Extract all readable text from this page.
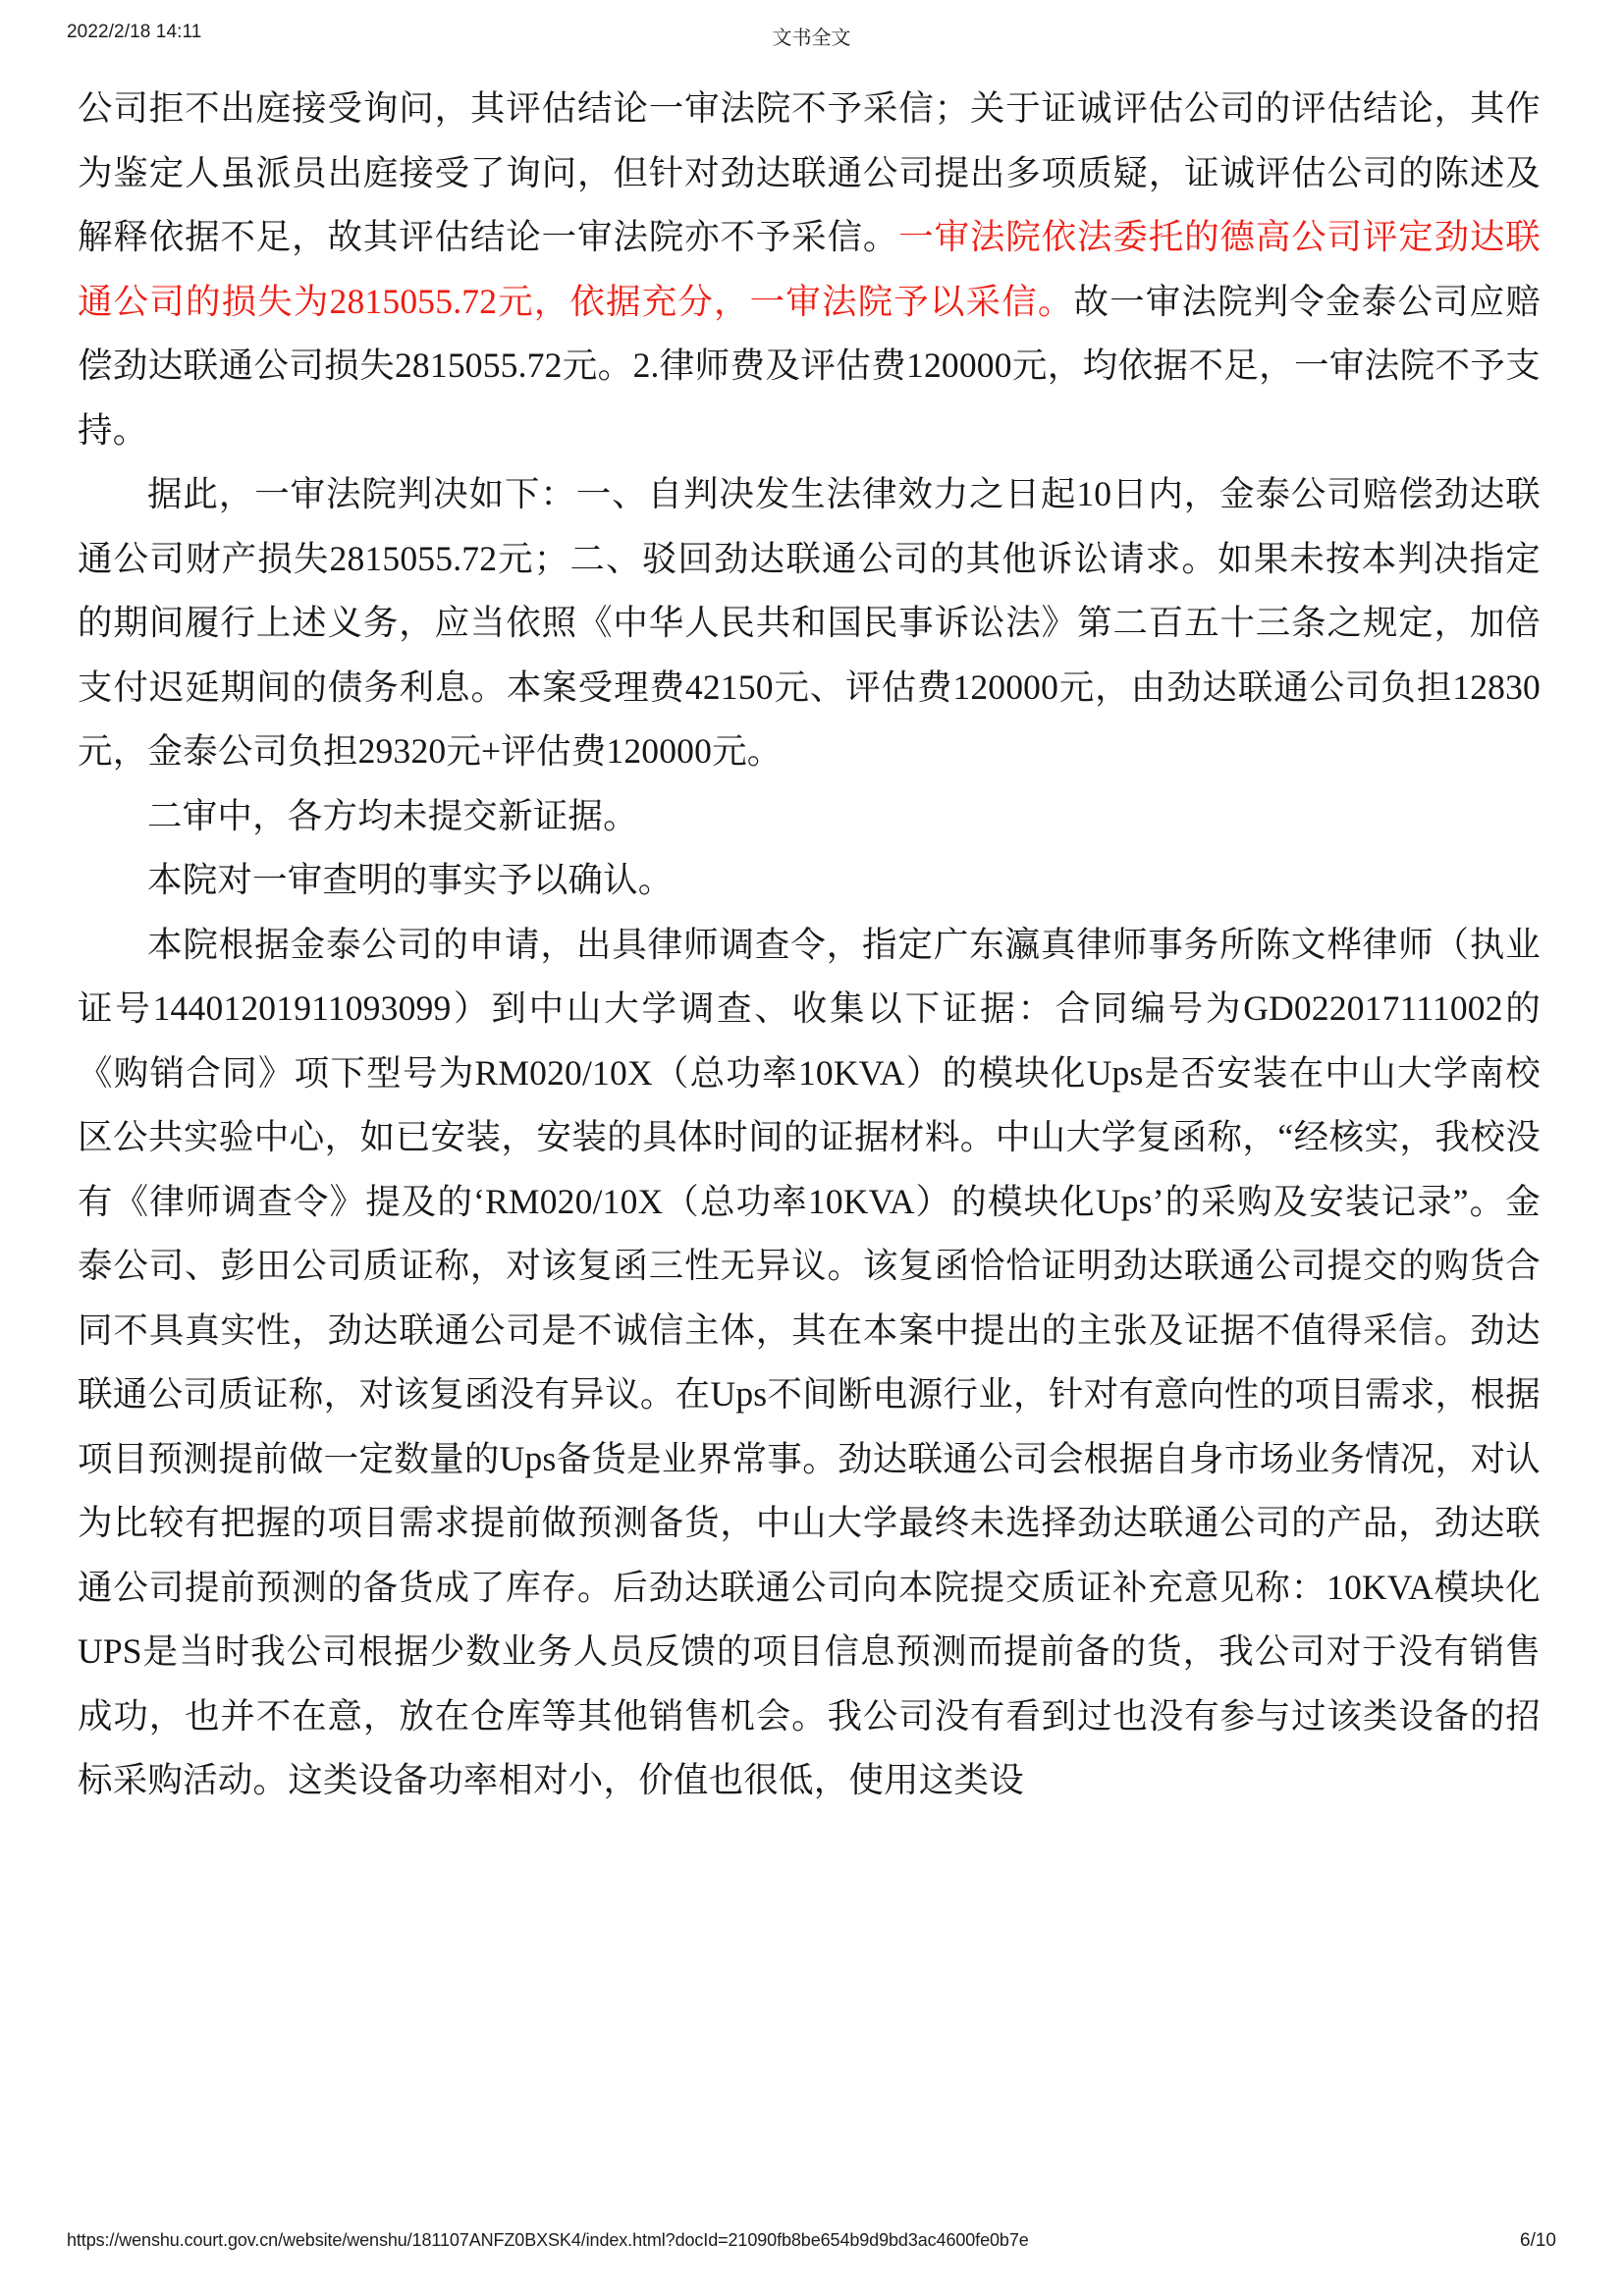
2022/2/18 14:11	文书全文

公司拒不出庭接受询问，其评估结论一审法院不予采信；关于证诚评估公司的评估结论，其作为鉴定人虽派员出庭接受了询问，但针对劲达联通公司提出多项质疑，证诚评估公司的陈述及解释依据不足，故其评估结论一审法院亦不予采信。一审法院依法委托的德高公司评定劲达联通公司的损失为2815055.72元，依据充分，一审法院予以采信。故一审法院判令金泰公司应赔偿劲达联通公司损失2815055.72元。2.律师费及评估费120000元，均依据不足，一审法院不予支持。

据此，一审法院判决如下：一、自判决发生法律效力之日起10日内，金泰公司赔偿劲达联通公司财产损失2815055.72元；二、驳回劲达联通公司的其他诉讼请求。如果未按本判决指定的期间履行上述义务，应当依照《中华人民共和国民事诉讼法》第二百五十三条之规定，加倍支付迟延期间的债务利息。本案受理费42150元、评估费120000元，由劲达联通公司负担12830元，金泰公司负担29320元+评估费120000元。

二审中，各方均未提交新证据。

本院对一审查明的事实予以确认。

本院根据金泰公司的申请，出具律师调查令，指定广东瀛真律师事务所陈文桦律师（执业证号14401201911093099）到中山大学调查、收集以下证据：合同编号为GD022017111002的《购销合同》项下型号为RM020/10X（总功率10KVA）的模块化Ups是否安装在中山大学南校区公共实验中心，如已安装，安装的具体时间的证据材料。中山大学复函称，“经核实，我校没有《律师调查令》提及的‘RM020/10X（总功率10KVA）的模块化Ups’的采购及安装记录”。金泰公司、彭田公司质证称，对该复函三性无异议。该复函恰恰证明劲达联通公司提交的购货合同不具真实性，劲达联通公司是不诚信主体，其在本案中提出的主张及证据不值得采信。劲达联通公司质证称，对该复函没有异议。在Ups不间断电源行业，针对有意向性的项目需求，根据项目预测提前做一定数量的Ups备货是业界常事。劲达联通公司会根据自身市场业务情况，对认为比较有把握的项目需求提前做预测备货，中山大学最终未选择劲达联通公司的产品，劲达联通公司提前预测的备货成了库存。后劲达联通公司向本院提交质证补充意见称：10KVA模块化UPS是当时我公司根据少数业务人员反馈的项目信息预测而提前备的货，我公司对于没有销售成功，也并不在意，放在仓库等其他销售机会。我公司没有看到过也没有参与过该类设备的招标采购活动。这类设备功率相对小，价值也很低，使用这类设

https://wenshu.court.gov.cn/website/wenshu/181107ANFZ0BXSK4/index.html?docId=21090fb8be654b9d9bd3ac4600fe0b7e	6/10
